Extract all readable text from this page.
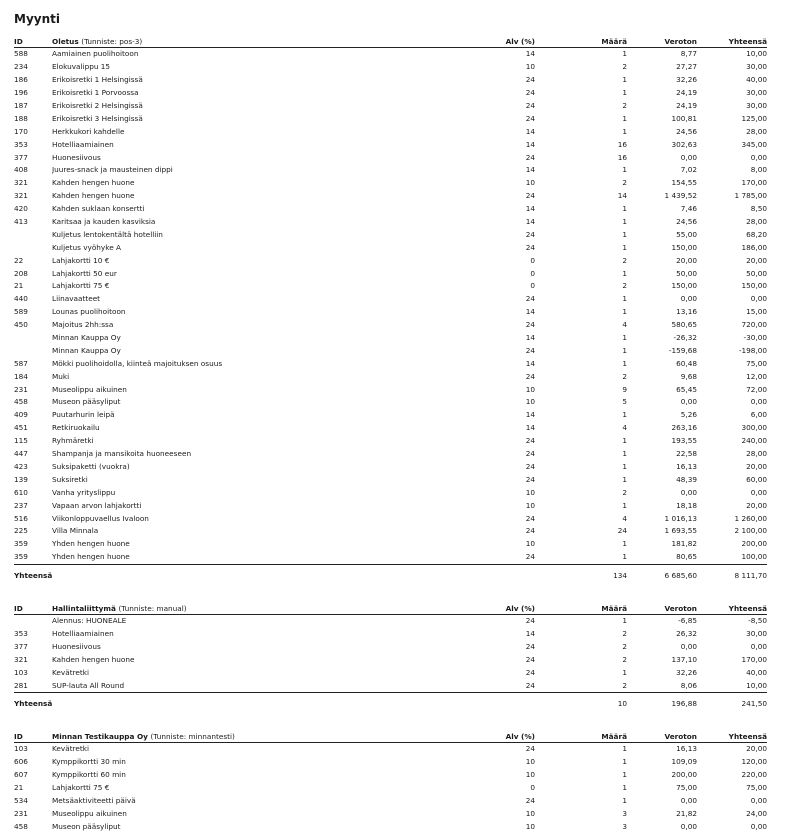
Myynti
ID	Oletus (Tunniste: pos-3)	Alv (%)	Määrä	Veroton	Yhteensä
588	Aamiainen puolihoitoon	14	1	8,77	10,00
234	Elokuvalippu 15	10	2	27,27	30,00
186	Erikoisretki 1 Helsingissä	24	1	32,26	40,00
196	Erikoisretki 1 Porvoossa	24	1	24,19	30,00
187	Erikoisretki 2 Helsingissä	24	2	24,19	30,00
188	Erikoisretki 3 Helsingissä	24	1	100,81	125,00
170	Herkkukori kahdelle	14	1	24,56	28,00
353	Hotelliaamiainen	14	16	302,63	345,00
377	Huonesiivous	24	16	0,00	0,00
408	Juures-snack ja mausteinen dippi	14	1	7,02	8,00
321	Kahden hengen huone	10	2	154,55	170,00
321	Kahden hengen huone	24	14	1 439,52	1 785,00
420	Kahden suklaan konsertti	14	1	7,46	8,50
413	Karitsaa ja kauden kasviksia	14	1	24,56	28,00
	Kuljetus lentokentältä hotelliin	24	1	55,00	68,20
	Kuljetus vyöhyke A	24	1	150,00	186,00
22	Lahjakortti 10 €	0	2	20,00	20,00
208	Lahjakortti 50 eur	0	1	50,00	50,00
21	Lahjakortti 75 €	0	2	150,00	150,00
440	Liinavaatteet	24	1	0,00	0,00
589	Lounas puolihoitoon	14	1	13,16	15,00
450	Majoitus 2hh:ssa	24	4	580,65	720,00
	Minnan Kauppa Oy	14	1	-26,32	-30,00
	Minnan Kauppa Oy	24	1	-159,68	-198,00
587	Mökki puolihoidolla, kiinteä majoituksen osuus	14	1	60,48	75,00
184	Muki	24	2	9,68	12,00
231	Museolippu aikuinen	10	9	65,45	72,00
458	Museon pääsyliput	10	5	0,00	0,00
409	Puutarhurin leipä	14	1	5,26	6,00
451	Retkiruokailu	14	4	263,16	300,00
115	Ryhmäretki	24	1	193,55	240,00
447	Shampanja ja mansikoita huoneeseen	24	1	22,58	28,00
423	Suksipaketti (vuokra)	24	1	16,13	20,00
139	Suksiretki	24	1	48,39	60,00
610	Vanha yrityslippu	10	2	0,00	0,00
237	Vapaan arvon lahjakortti	10	1	18,18	20,00
516	Viikonloppuvaellus Ivaloon	24	4	1 016,13	1 260,00
225	Villa Minnala	24	24	1 693,55	2 100,00
359	Yhden hengen huone	10	1	181,82	200,00
359	Yhden hengen huone	24	1	80,65	100,00
Yhteensä			134	6 685,60	8 111,70
ID	Hallintaliittymä (Tunniste: manual)	Alv (%)	Määrä	Veroton	Yhteensä
	Alennus: HUONEALE	24	1	-6,85	-8,50
353	Hotelliaamiainen	14	2	26,32	30,00
377	Huonesiivous	24	2	0,00	0,00
321	Kahden hengen huone	24	2	137,10	170,00
103	Kevätretki	24	1	32,26	40,00
281	SUP-lauta All Round	24	2	8,06	10,00
Yhteensä			10	196,88	241,50
ID	Minnan Testikauppa Oy (Tunniste: minnantesti)	Alv (%)	Määrä	Veroton	Yhteensä
103	Kevätretki	24	1	16,13	20,00
606	Kymppikortti 30 min	10	1	109,09	120,00
607	Kymppikortti 60 min	10	1	200,00	220,00
21	Lahjakortti 75 €	0	1	75,00	75,00
534	Metsäaktiviteetti päivä	24	1	0,00	0,00
231	Museolippu aikuinen	10	3	21,82	24,00
458	Museon pääsyliput	10	3	0,00	0,00
